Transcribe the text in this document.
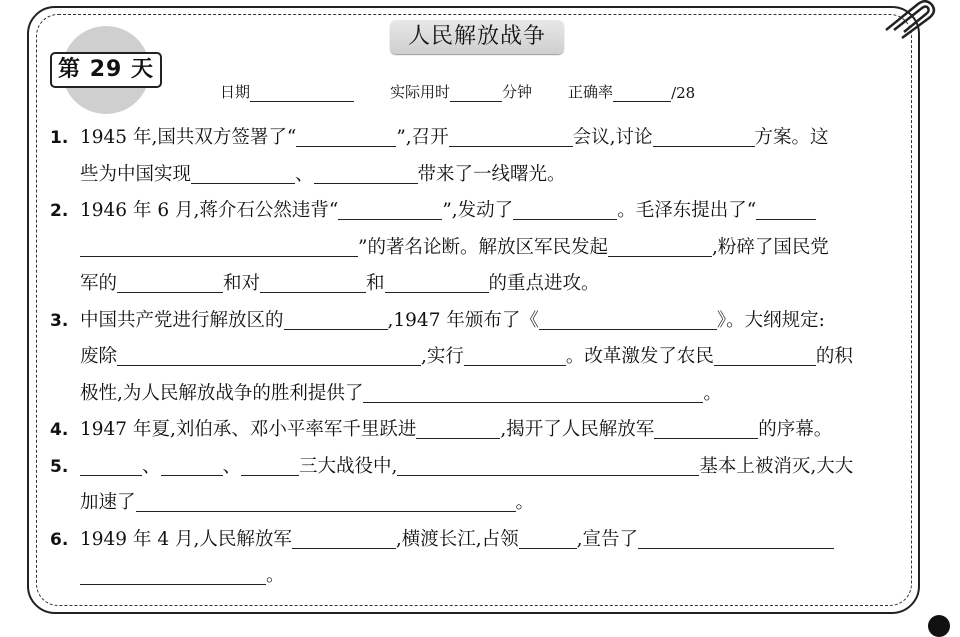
人民解放战争
第 29 天
日期	实际用时	分钟 正确率	/28
1. 1945 年,国共双方签署了“	”,召开	会议,讨论	方案。这
些为中国实现	、	带来了一线曙光。
2. 1946 年 6 月,蒋介石公然违背“	”,发动了	。毛泽东提出了“
”的著名论断。解放区军民发起	,粉碎了国民党
军的	和对	和	的重点进攻。
3. 中国共产党进行解放区的	,1947 年颁布了《	》。大纲规定:
废除	,实行	。改革激发了农民	的积
极性,为人民解放战争的胜利提供了	。
4. 1947 年夏,刘伯承、邓小平率军千里跃进	,揭开了人民解放军	的序幕。
5.	、	、	三大战役中,	基本上被消灭,大大
加速了	。
6. 1949 年 4 月,人民解放军	,横渡长江,占领	,宣告了
。
